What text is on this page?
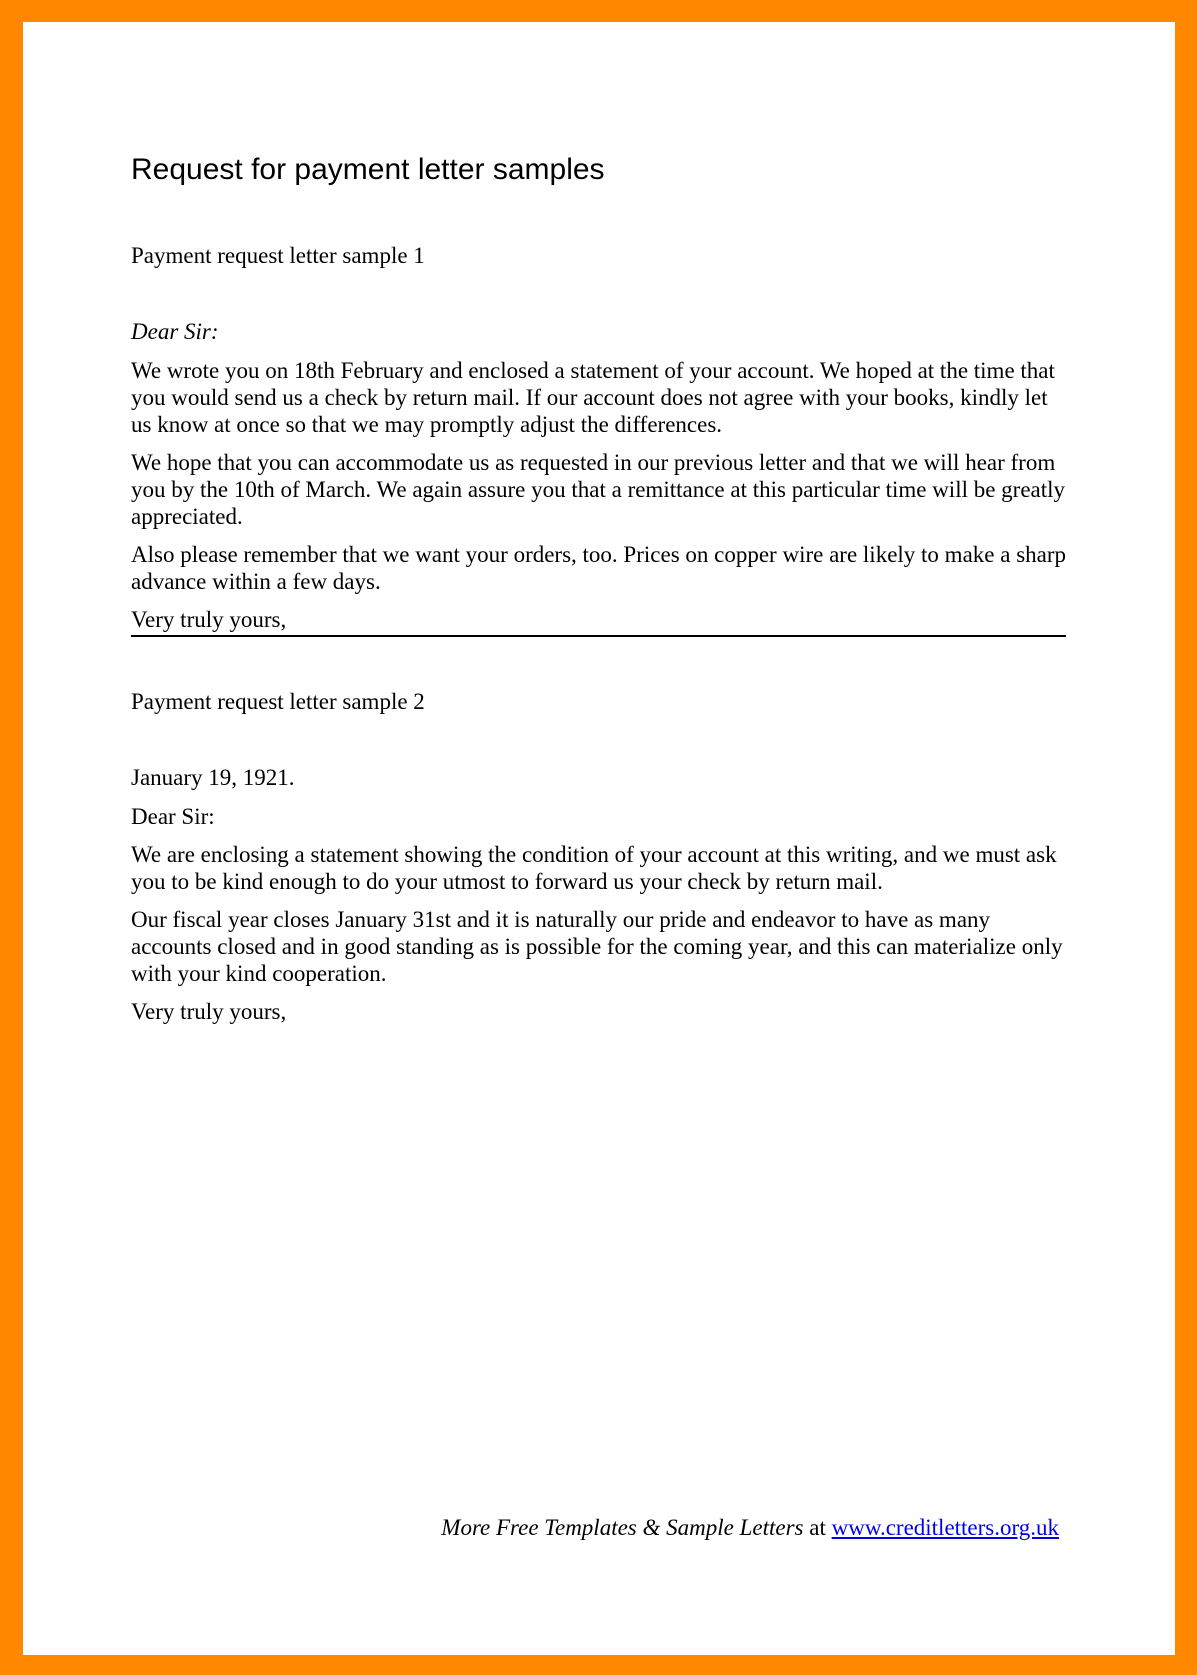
Request for payment letter samples
Payment request letter sample 1
Dear Sir:
We wrote you on 18th February and enclosed a statement of your account. We hoped at the time that you would send us a check by return mail. If our account does not agree with your books, kindly let us know at once so that we may promptly adjust the differences.
We hope that you can accommodate us as requested in our previous letter and that we will hear from you by the 10th of March. We again assure you that a remittance at this particular time will be greatly appreciated.
Also please remember that we want your orders, too. Prices on copper wire are likely to make a sharp advance within a few days.
Very truly yours,
Payment request letter sample 2
January 19, 1921.
Dear Sir:
We are enclosing a statement showing the condition of your account at this writing, and we must ask you to be kind enough to do your utmost to forward us your check by return mail.
Our fiscal year closes January 31st and it is naturally our pride and endeavor to have as many accounts closed and in good standing as is possible for the coming year, and this can materialize only with your kind cooperation.
Very truly yours,
More Free Templates & Sample Letters at www.creditletters.org.uk
